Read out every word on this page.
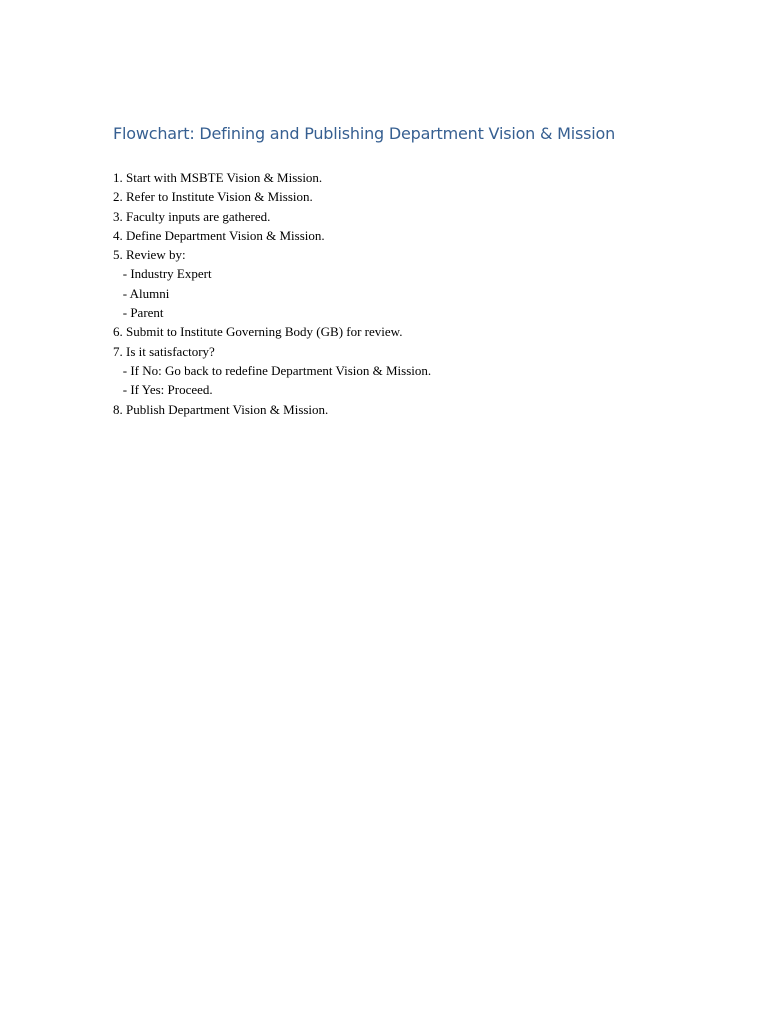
Flowchart: Defining and Publishing Department Vision & Mission
1. Start with MSBTE Vision & Mission.
2. Refer to Institute Vision & Mission.
3. Faculty inputs are gathered.
4. Define Department Vision & Mission.
5. Review by:
- Industry Expert
- Alumni
- Parent
6. Submit to Institute Governing Body (GB) for review.
7. Is it satisfactory?
- If No: Go back to redefine Department Vision & Mission.
- If Yes: Proceed.
8. Publish Department Vision & Mission.
